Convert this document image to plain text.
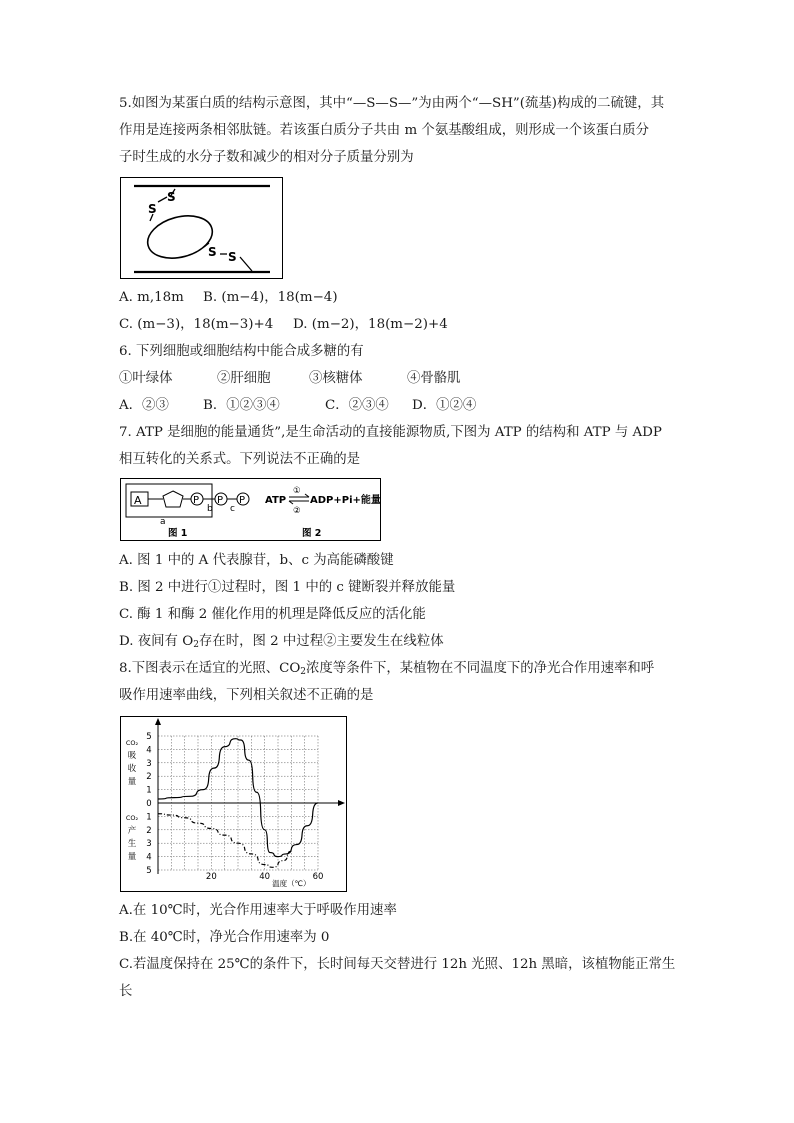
5.如图为某蛋白质的结构示意图，其中“—S—S—”为由两个“—SH”(巯基)构成的二硫键，其
作用是连接两条相邻肽链。若该蛋白质分子共由 m 个氨基酸组成，则形成一个该蛋白质分
子时生成的水分子数和减少的相对分子质量分别为
S
S
S S
A. m,18m B. (m−4)，18(m−4)
C. (m−3)，18(m−3)+4 D. (m−2)，18(m−2)+4
6. 下列细胞或细胞结构中能合成多糖的有
①叶绿体	②肝细胞	③核糖体	④骨骼肌
A．②③	B．①②③④	C．②③④ D．①②④
7. ATP 是细胞的能量通货”,是生命活动的直接能源物质,下图为 ATP 的结构和 ATP 与 ADP
相互转化的关系式。下列说法不正确的是
A	P P P
b c
a
图 1
ATP
①
②
ADP+Pi+能量
图 2
A. 图 1 中的 A 代表腺苷，b、c 为高能磷酸键
B. 图 2 中进行①过程时，图 1 中的 c 键断裂并释放能量
C. 酶 1 和酶 2 催化作用的机理是降低反应的活化能
D. 夜间有 $O_2$存在时，图 2 中过程②主要发生在线粒体
8.下图表示在适宜的光照、$CO_2$浓度等条件下，某植物在不同温度下的净光合作用速率和呼
吸作用速率曲线，下列相关叙述不正确的是
5
4
3
2
1
0
1
2
3
4
5
CO₂
吸
收
量
CO₂
产
生
量
20	40	60
温度（℃）
A.在 10℃时，光合作用速率大于呼吸作用速率
B.在 40℃时，净光合作用速率为 0
C.若温度保持在 25℃的条件下，长时间每天交替进行 12h 光照、12h 黑暗，该植物能正常生
长
